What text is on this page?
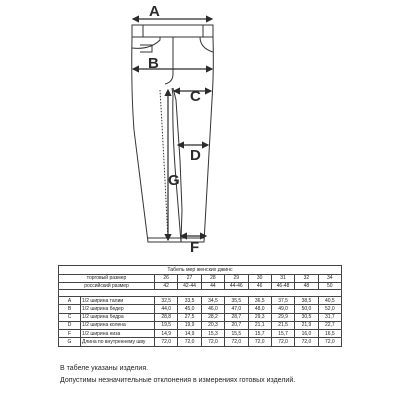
A
B
C
D
G
F
Табель мер женских джинс									
торговый размер		26	27	28	29	30	31	32	34
российский размер		42	42-44	44	44-46	46	46-48	48	50

A	1/2 ширина талии	32,5	33,5	34,5	35,5	36,5	37,5	38,5	40,5
B	1/2 ширина бедер	44,0	45,0	46,0	47,0	48,0	49,0	50,0	52,0
C	1/2 ширина бедра	28,8	27,5	28,2	28,7	29,3	29,9	30,5	31,7
D	1/2 ширина колена	19,5	19,9	20,3	20,7	21,1	21,5	21,9	22,7
F	1/2 ширина низа	14,9	14,9	15,3	15,5	15,7	15,7	16,0	16,5
G	Длина по внутреннему шву	72,0	72,0	72,0	72,0	72,0	72,0	72,0	72,0
В табеле указаны изделия.
Допустимы незначительные отклонения в измерениях готовых изделий.
